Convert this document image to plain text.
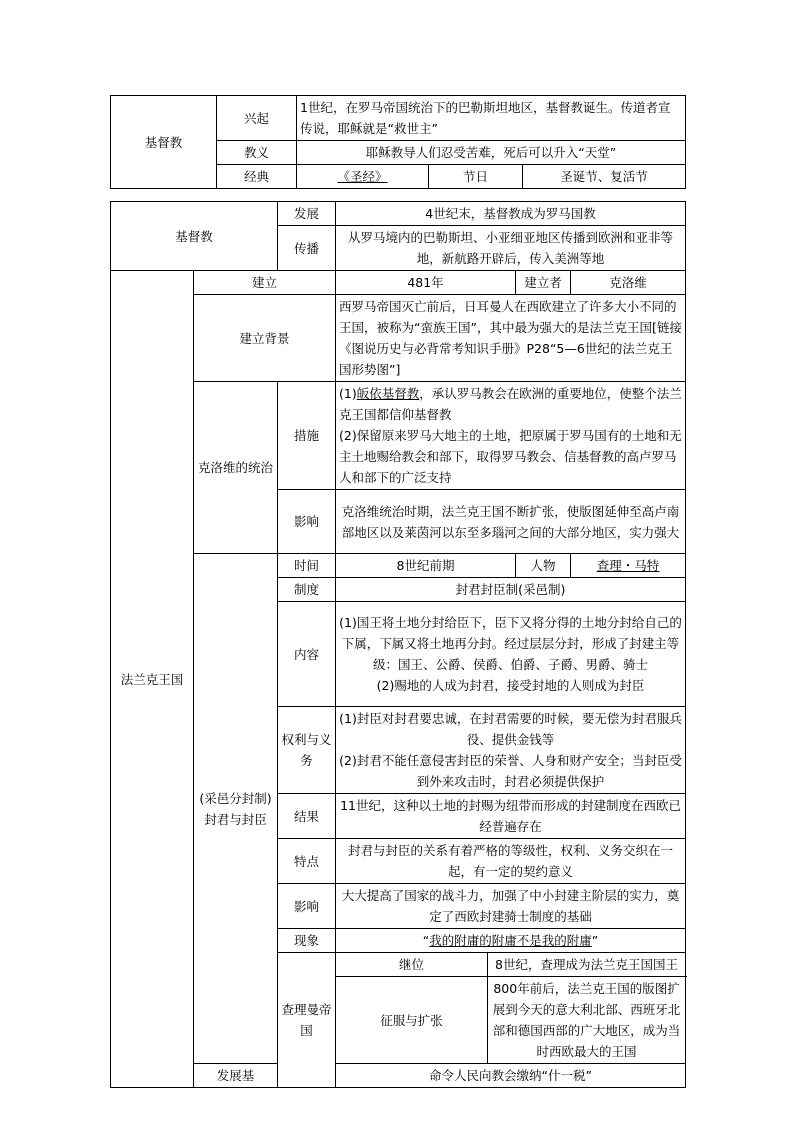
基督教	兴起	1世纪，在罗马帝国统治下的巴勒斯坦地区，基督教诞生。传道者宣传说，耶稣就是“救世主”		
	教义	耶稣教导人们忍受苦难，死后可以升入“天堂”		
	经典	《圣经》	节日	圣诞节、复活节
基督教		发展	4世纪末，基督教成为罗马国教			
		传播	从罗马境内的巴勒斯坦、小亚细亚地区传播到欧洲和亚非等地，新航路开辟后，传入美洲等地			
法兰克王国	建立		481年		建立者	克洛维
	建立背景		西罗马帝国灭亡前后，日耳曼人在西欧建立了许多大小不同的王国，被称为“蛮族王国”，其中最为强大的是法兰克王国[链接《图说历史与必背常考知识手册》P28“5—6世纪的法兰克王国形势图”]			
	克洛维的统治	措施	(1)皈依基督教，承认罗马教会在欧洲的重要地位，使整个法兰克王国都信仰基督教
(2)保留原来罗马大地主的土地，把原属于罗马国有的土地和无主土地赐给教会和部下，取得罗马教会、信基督教的高卢罗马人和部下的广泛支持			

		影响	克洛维统治时期，法兰克王国不断扩张，使版图延伸至高卢南部地区以及莱茵河以东至多瑙河之间的大部分地区，实力强大			
	(采邑分封制)封君与封臣	时间	8世纪前期		人物	查理・马特
		制度	封君封臣制(采邑制)			
		内容	(1)国王将土地分封给臣下，臣下又将分得的土地分封给自己的下属，下属又将土地再分封。经过层层分封，形成了封建主等级：国王、公爵、侯爵、伯爵、子爵、男爵、骑士
(2)赐地的人成为封君，接受封地的人则成为封臣			

		权利与义务	(1)封臣对封君要忠诚，在封君需要的时候，要无偿为封君服兵役、提供金钱等
(2)封君不能任意侵害封臣的荣誉、人身和财产安全；当封臣受到外来攻击时，封君必须提供保护			

		结果	11世纪，这种以土地的封赐为纽带而形成的封建制度在西欧已经普遍存在			
		特点	封君与封臣的关系有着严格的等级性，权利、义务交织在一起，有一定的契约意义			
		影响	大大提高了国家的战斗力，加强了中小封建主阶层的实力，奠定了西欧封建骑士制度的基础			
		现象	“我的附庸的附庸不是我的附庸”			
		查理曼帝国	继位	8世纪，查理成为法兰克王国国王		
			征服与扩张	800年前后，法兰克王国的版图扩展到今天的意大利北部、西班牙北部和德国西部的广大地区，成为当时西欧最大的王国		
	发展基		命令人民向教会缴纳“什一税”			
